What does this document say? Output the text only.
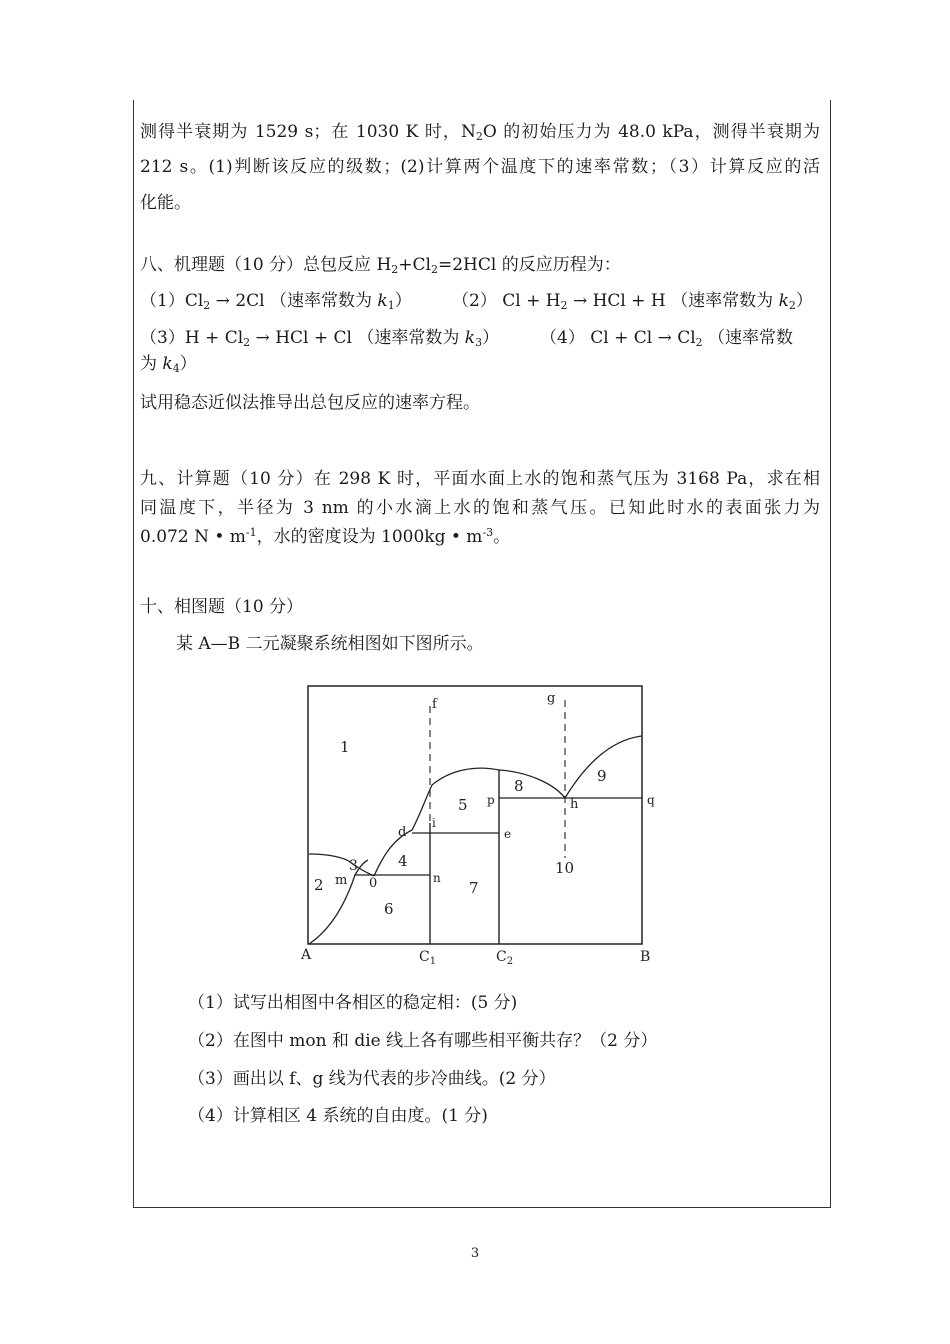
测得半衰期为 1529 s；在 1030 K 时，$N_2O$ 的初始压力为 48.0 kPa，测得半衰期为
212 s。(1)判断该反应的级数；(2)计算两个温度下的速率常数；（3）计算反应的活
化能。
八、机理题（10 分）总包反应 $H_2+Cl_2=2HCl$ 的反应历程为：
$(1)Cl_2 \to 2Cl$ （速率常数为 $k_1$） （2） $Cl + H_2$ → HCl + H （速率常数为 $k_2$）
$(3)H + Cl_2$ → HCl + Cl （速率常数为 $k_3$） （4） $Cl + Cl \to Cl_2$ （速率常数
为 $k_4$）
试用稳态近似法推导出总包反应的速率方程。
九、计算题（10 分）在 298 K 时，平面水面上水的饱和蒸气压为 3168 Pa，求在相
同温度下，半径为 3 nm 的小水滴上水的饱和蒸气压。已知此时水的表面张力为
0.072 N • $m^{-1}$，水的密度设为 1000kg • $m^{-3}$。
十、相图题（10 分）
某 A—B 二元凝聚系统相图如下图所示。
1
2
3	4
5
6
7
8
9
10
f	g
d
i
e
p	h	q
m 0	n
A	$C_1$	$C_2$	B
（1）试写出相图中各相区的稳定相：(5 分)
（2）在图中 mon 和 die 线上各有哪些相平衡共存？（2 分）
（3）画出以 f、g 线为代表的步冷曲线。(2 分）
（4）计算相区 4 系统的自由度。(1 分)
3
